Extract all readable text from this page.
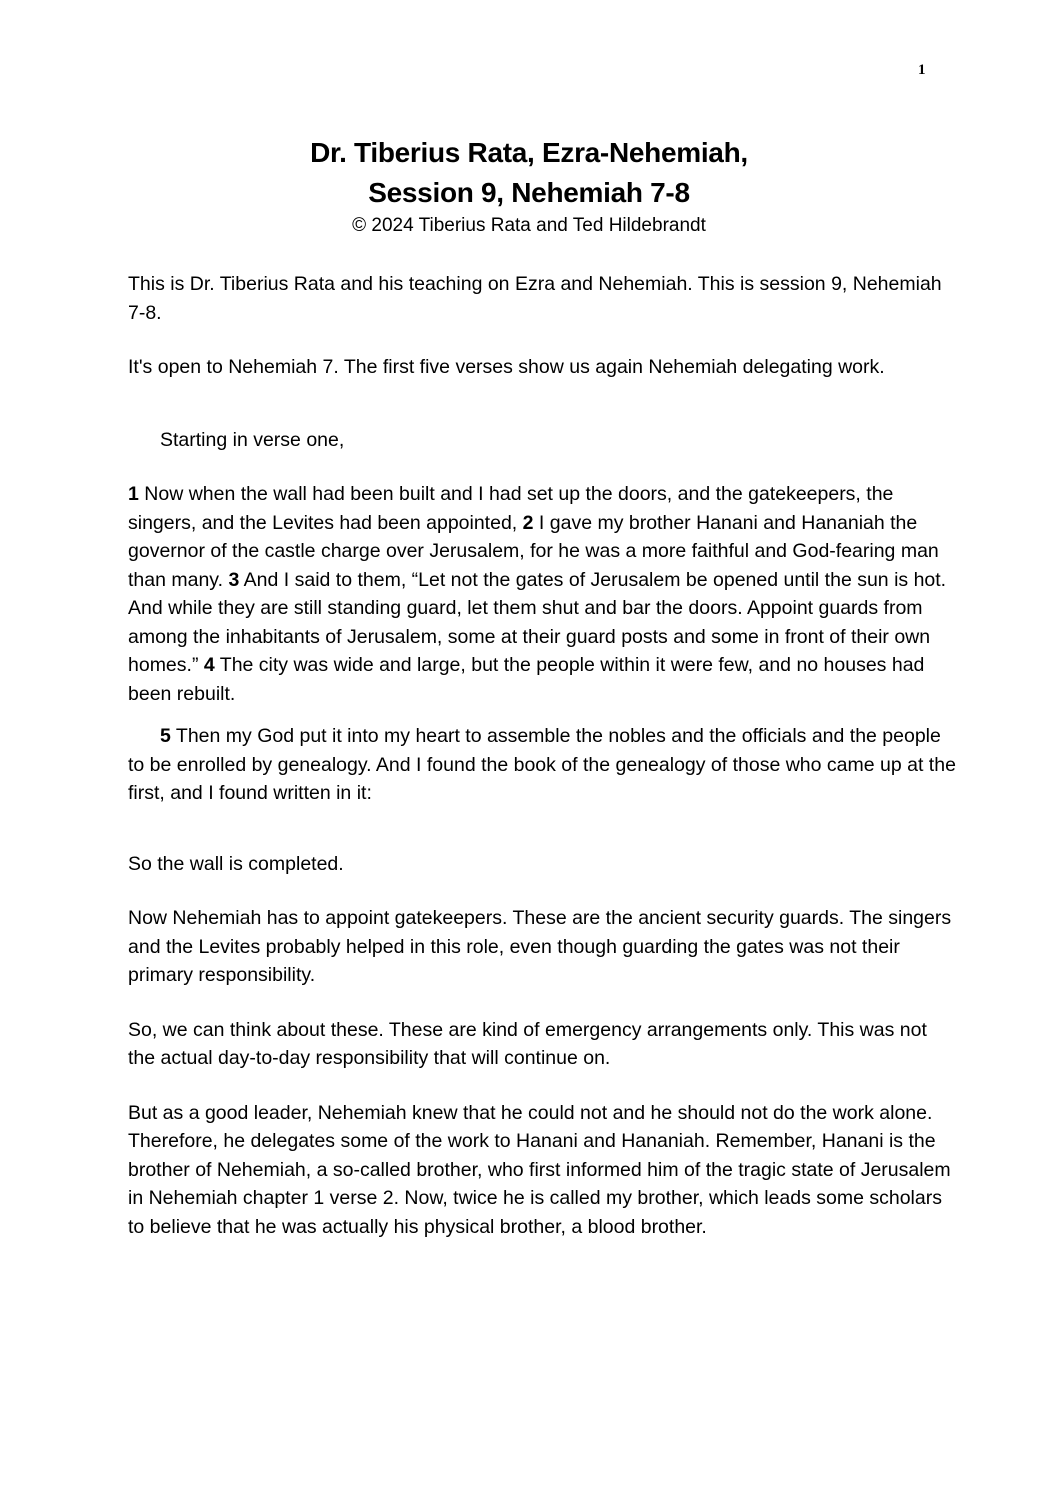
1
Dr. Tiberius Rata, Ezra-Nehemiah,
Session 9, Nehemiah 7-8
© 2024 Tiberius Rata and Ted Hildebrandt

This is Dr. Tiberius Rata and his teaching on Ezra and Nehemiah. This is session 9, Nehemiah 7-8.

It's open to Nehemiah 7. The first five verses show us again Nehemiah delegating work.

Starting in verse one,

1 Now when the wall had been built and I had set up the doors, and the gatekeepers, the singers, and the Levites had been appointed, 2 I gave my brother Hanani and Hananiah the governor of the castle charge over Jerusalem, for he was a more faithful and God-fearing man than many. 3 And I said to them, “Let not the gates of Jerusalem be opened until the sun is hot. And while they are still standing guard, let them shut and bar the doors. Appoint guards from among the inhabitants of Jerusalem, some at their guard posts and some in front of their own homes.” 4 The city was wide and large, but the people within it were few, and no houses had been rebuilt.

5 Then my God put it into my heart to assemble the nobles and the officials and the people to be enrolled by genealogy. And I found the book of the genealogy of those who came up at the first, and I found written in it:

So the wall is completed.

Now Nehemiah has to appoint gatekeepers. These are the ancient security guards. The singers and the Levites probably helped in this role, even though guarding the gates was not their primary responsibility.

So, we can think about these. These are kind of emergency arrangements only. This was not the actual day-to-day responsibility that will continue on.

But as a good leader, Nehemiah knew that he could not and he should not do the work alone. Therefore, he delegates some of the work to Hanani and Hananiah. Remember, Hanani is the brother of Nehemiah, a so-called brother, who first informed him of the tragic state of Jerusalem in Nehemiah chapter 1 verse 2. Now, twice he is called my brother, which leads some scholars to believe that he was actually his physical brother, a blood brother.
